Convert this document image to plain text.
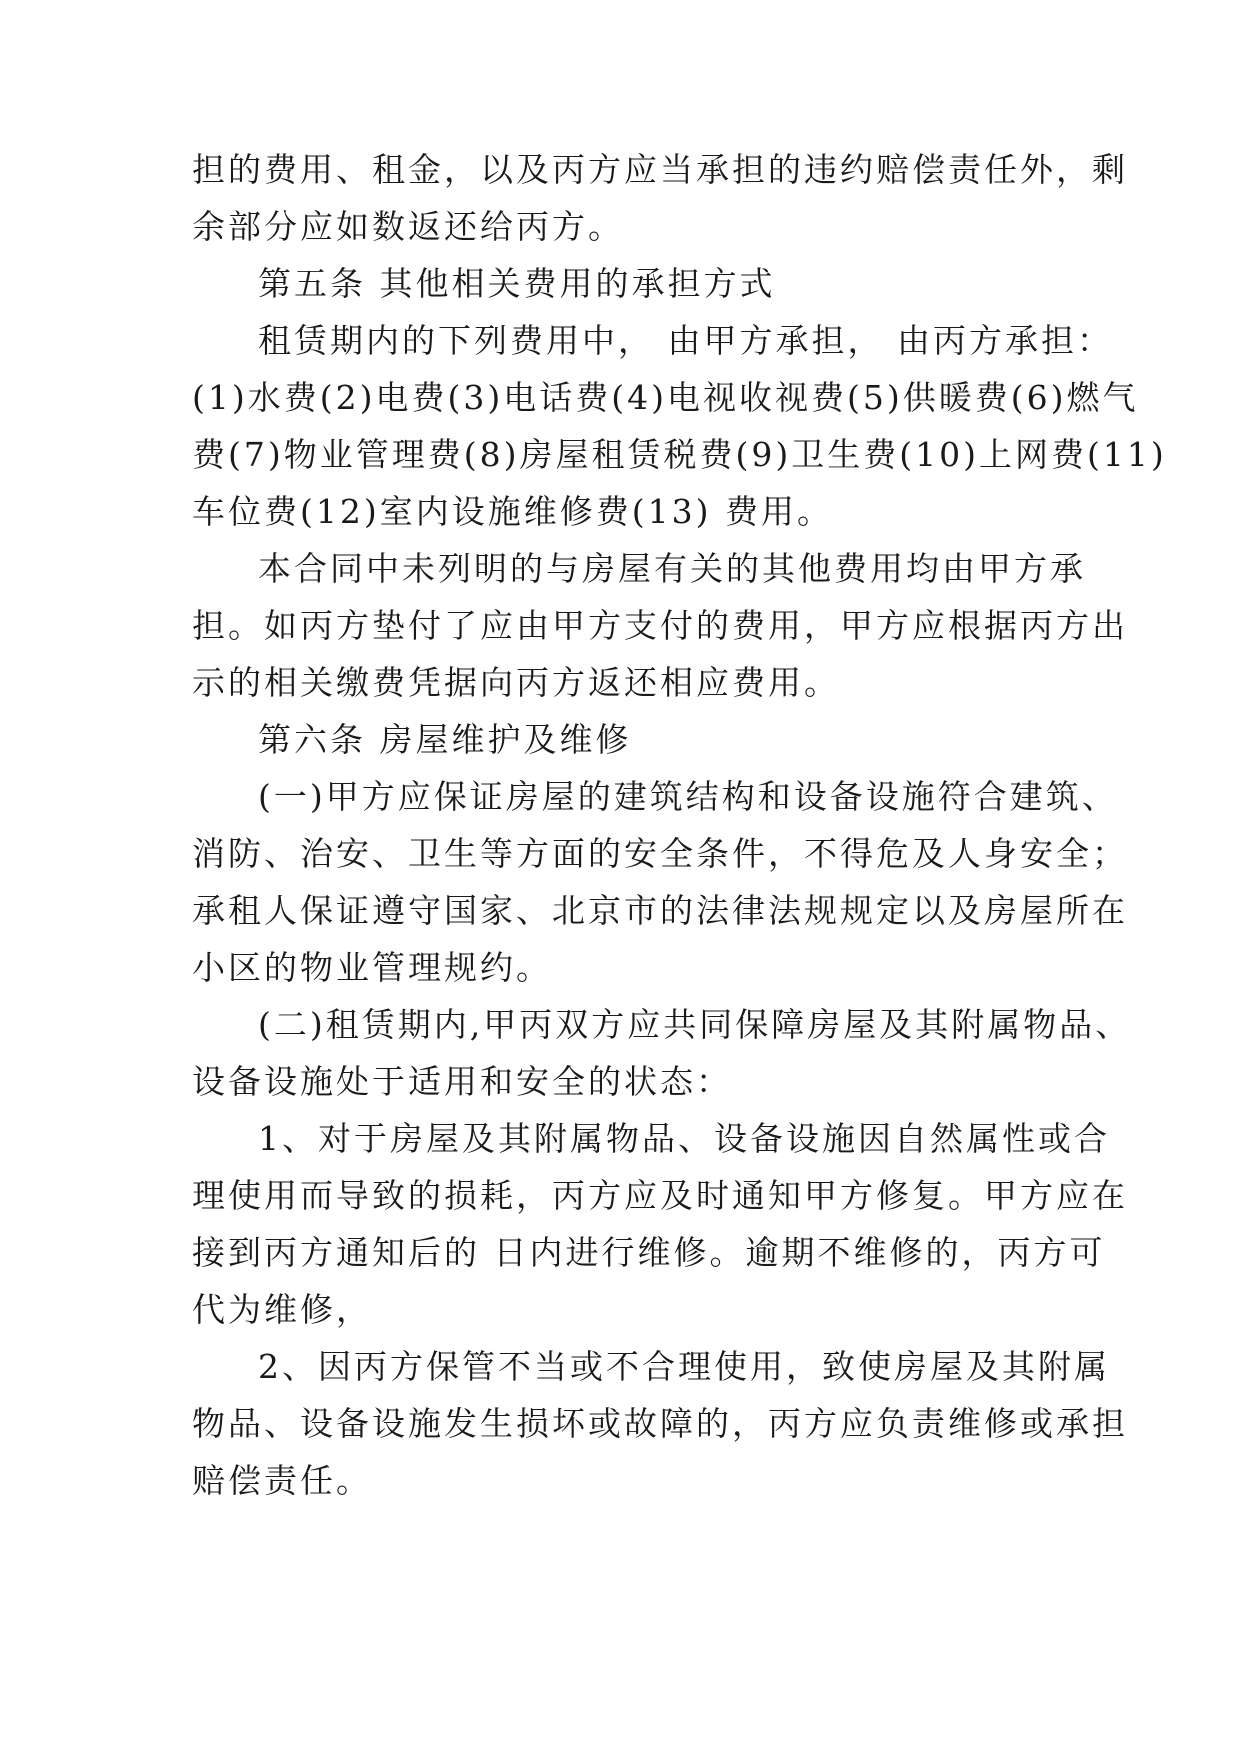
担的费用、租金，以及丙方应当承担的违约赔偿责任外，剩

余部分应如数返还给丙方。

第五条 其他相关费用的承担方式

租赁期内的下列费用中， 由甲方承担， 由丙方承担：

(1)水费(2)电费(3)电话费(4)电视收视费(5)供暖费(6)燃气

费(7)物业管理费(8)房屋租赁税费(9)卫生费(10)上网费(11)

车位费(12)室内设施维修费(13) 费用。

本合同中未列明的与房屋有关的其他费用均由甲方承

担。如丙方垫付了应由甲方支付的费用，甲方应根据丙方出

示的相关缴费凭据向丙方返还相应费用。

第六条 房屋维护及维修

(一)甲方应保证房屋的建筑结构和设备设施符合建筑、

消防、治安、卫生等方面的安全条件，不得危及人身安全；

承租人保证遵守国家、北京市的法律法规规定以及房屋所在

小区的物业管理规约。

(二)租赁期内,甲丙双方应共同保障房屋及其附属物品、

设备设施处于适用和安全的状态：

1、对于房屋及其附属物品、设备设施因自然属性或合

理使用而导致的损耗，丙方应及时通知甲方修复。甲方应在

接到丙方通知后的 日内进行维修。逾期不维修的，丙方可

代为维修，

2、因丙方保管不当或不合理使用，致使房屋及其附属

物品、设备设施发生损坏或故障的，丙方应负责维修或承担

赔偿责任。
